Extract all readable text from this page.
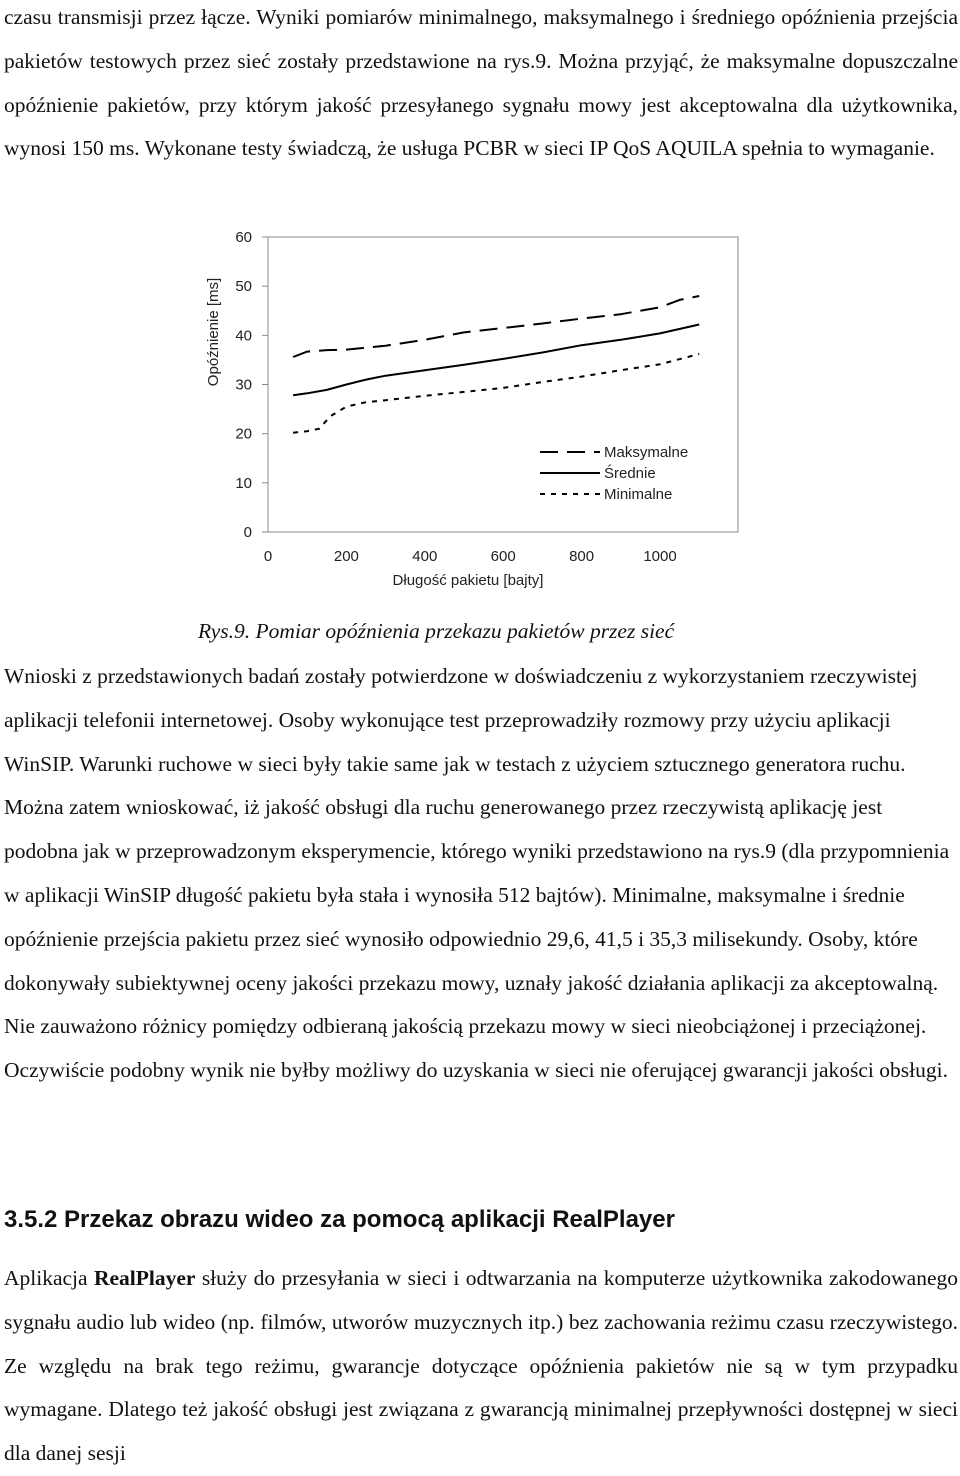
czasu transmisji przez łącze. Wyniki pomiarów minimalnego, maksymalnego i średniego opóźnienia przejścia pakietów testowych przez sieć zostały przedstawione na rys.9. Można przyjąć, że maksymalne dopuszczalne opóźnienie pakietów, przy którym jakość przesyłanego sygnału mowy jest akceptowalna dla użytkownika, wynosi 150 ms. Wykonane testy świadczą, że usługa PCBR w sieci IP QoS AQUILA spełnia to wymaganie.

0
10
20
30
40
50
60
0	200	400	600	800	1000
Maksymalne
Średnie
Minimalne
Opóźnienie [ms]
Długość pakietu [bajty]

Rys.9. Pomiar opóźnienia przekazu pakietów przez sieć

Wnioski z przedstawionych badań zostały potwierdzone w doświadczeniu z wykorzystaniem rzeczywistej aplikacji telefonii internetowej. Osoby wykonujące test przeprowadziły rozmowy przy użyciu aplikacji WinSIP. Warunki ruchowe w sieci były takie same jak w testach z użyciem sztucznego generatora ruchu. Można zatem wnioskować, iż jakość obsługi dla ruchu generowanego przez rzeczywistą aplikację jest podobna jak w przeprowadzonym eksperymencie, którego wyniki przedstawiono na rys.9 (dla przypomnienia w aplikacji WinSIP długość pakietu była stała i wynosiła 512 bajtów). Minimalne, maksymalne i średnie opóźnienie przejścia pakietu przez sieć wynosiło odpowiednio 29,6, 41,5 i 35,3 milisekundy. Osoby, które dokonywały subiektywnej oceny jakości przekazu mowy, uznały jakość działania aplikacji za akceptowalną. Nie zauważono różnicy pomiędzy odbieraną jakością przekazu mowy w sieci nieobciążonej i przeciążonej. Oczywiście podobny wynik nie byłby możliwy do uzyskania w sieci nie oferującej gwarancji jakości obsługi.

3.5.2 Przekaz obrazu wideo za pomocą aplikacji RealPlayer

Aplikacja RealPlayer służy do przesyłania w sieci i odtwarzania na komputerze użytkownika zakodowanego sygnału audio lub wideo (np. filmów, utworów muzycznych itp.) bez zachowania reżimu czasu rzeczywistego. Ze względu na brak tego reżimu, gwarancje dotyczące opóźnienia pakietów nie są w tym przypadku wymagane. Dlatego też jakość obsługi jest związana z gwarancją minimalnej przepływności dostępnej w sieci dla danej sesji
